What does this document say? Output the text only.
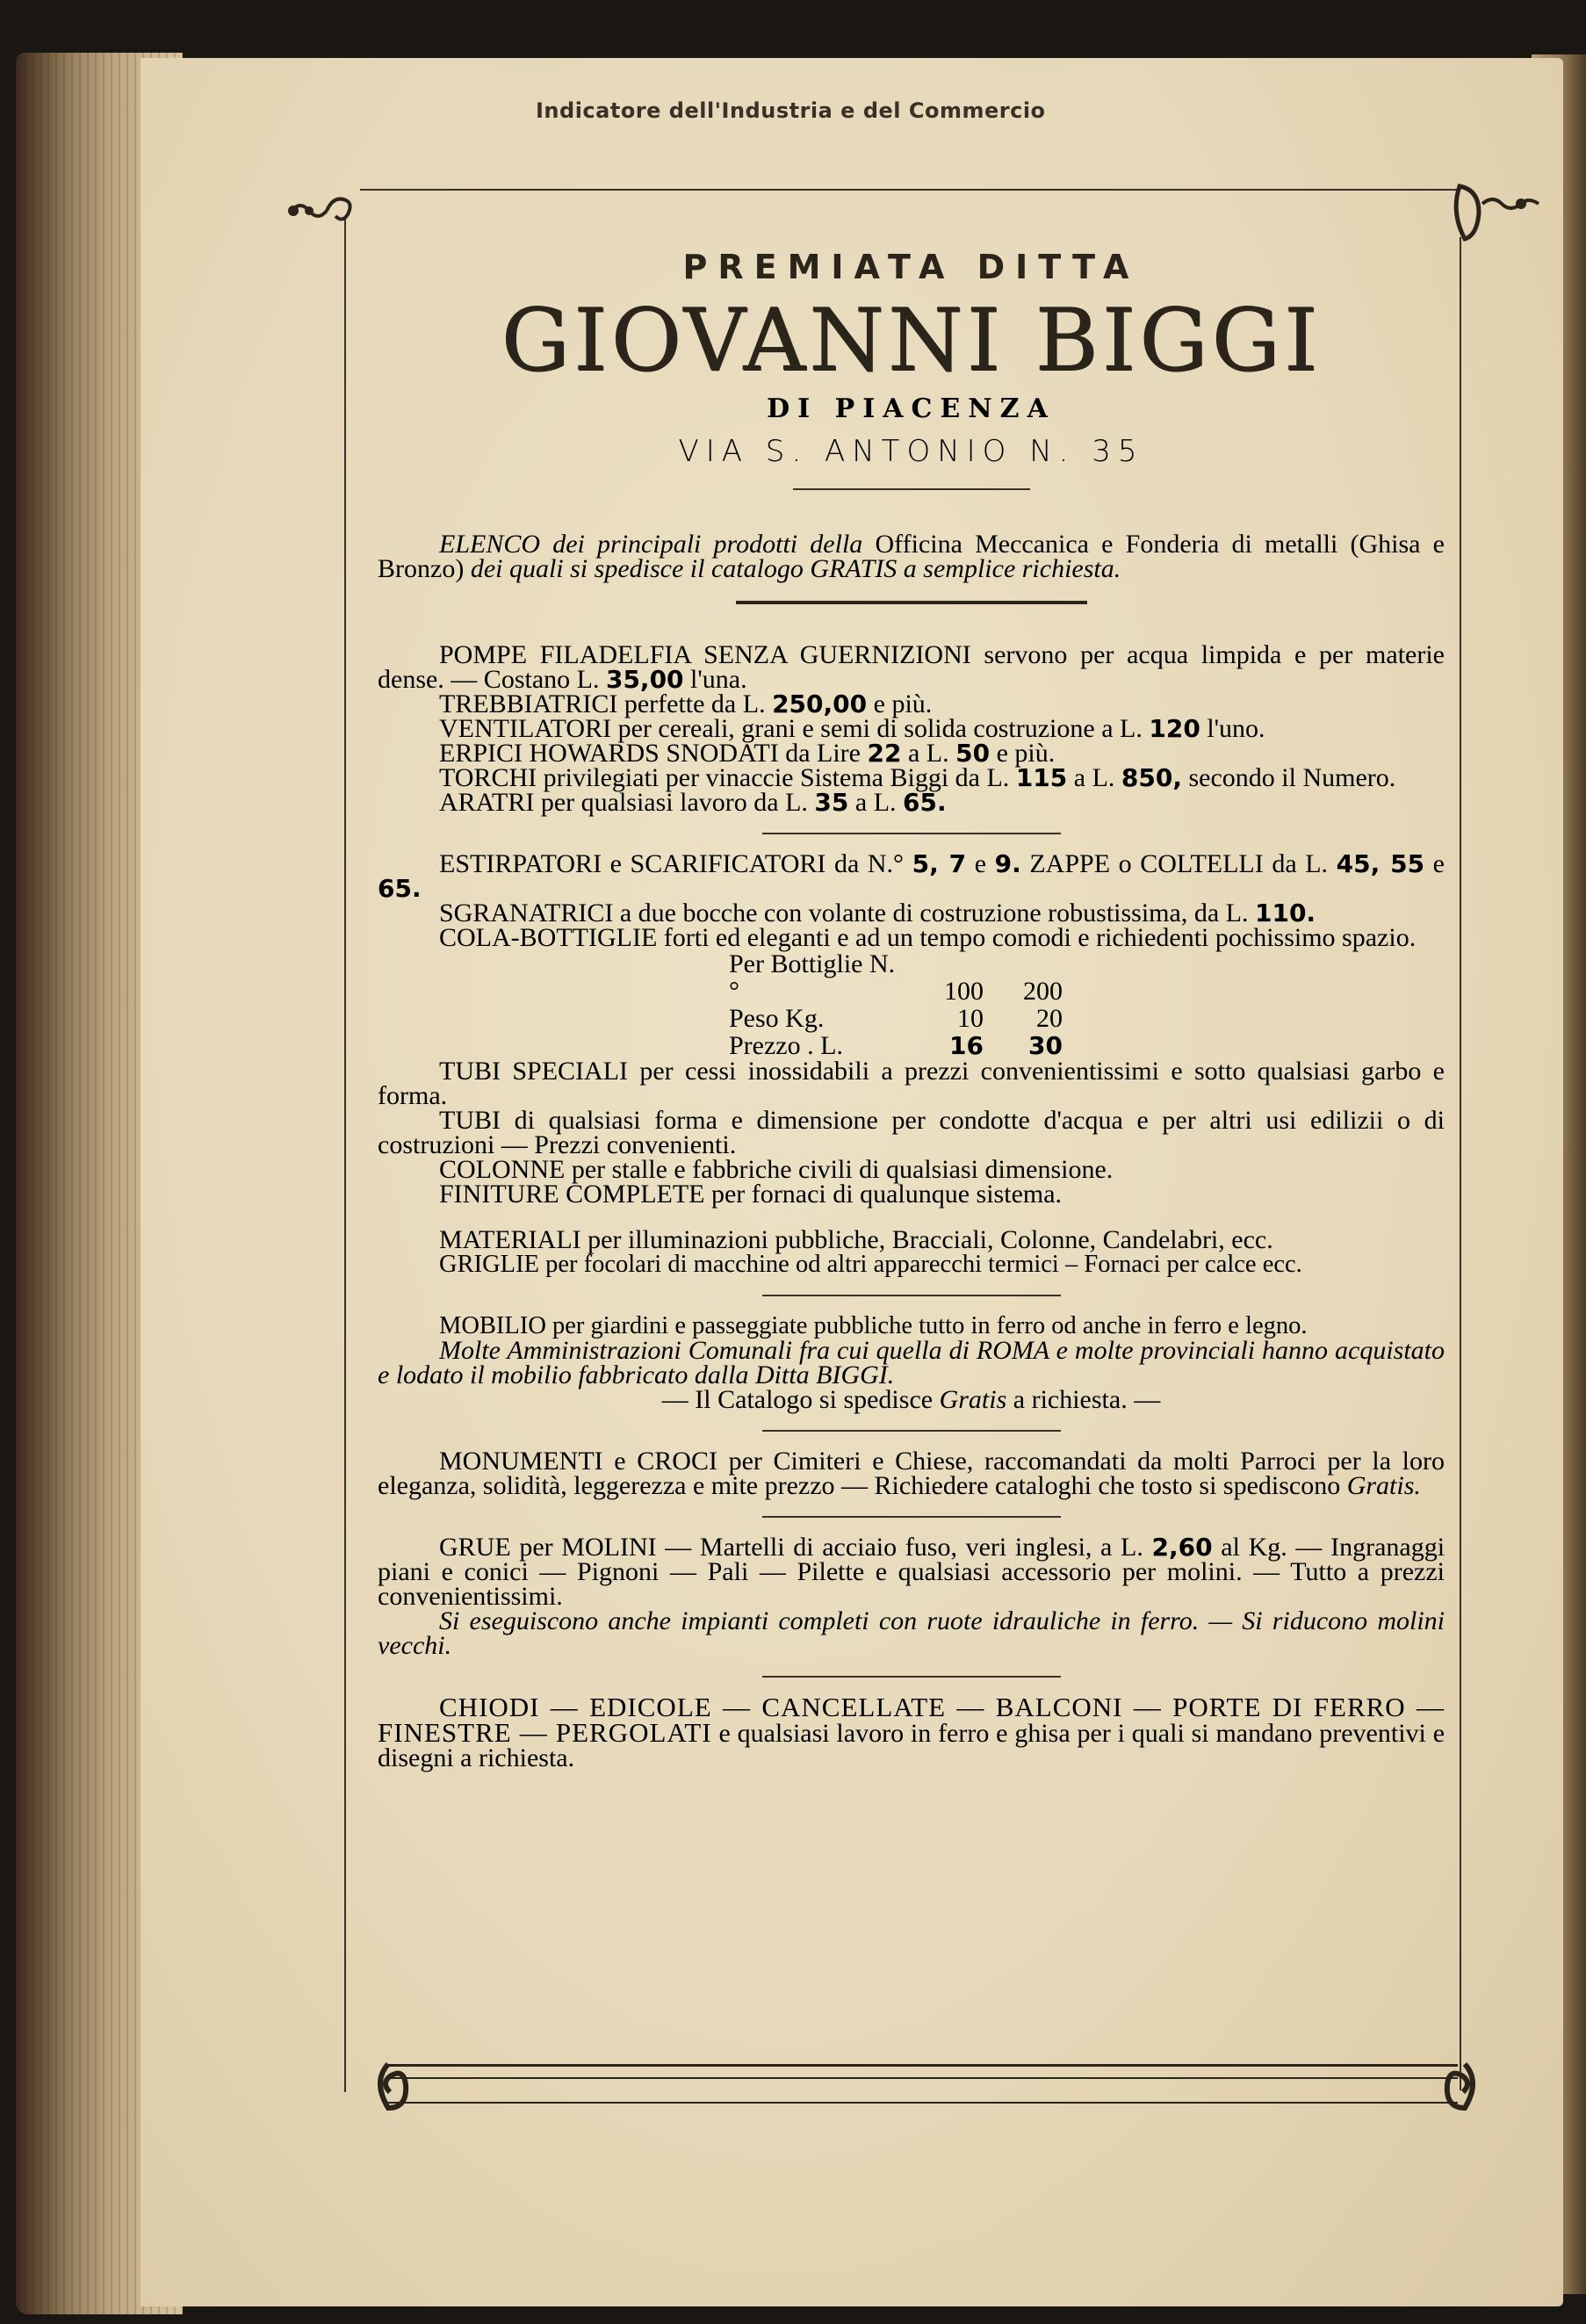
Indicatore dell'Industria e del Commercio
PREMIATA DITTA
GIOVANNI BIGGI
DI PIACENZA
VIA S. ANTONIO N. 35

ELENCO dei principali prodotti della Officina Meccanica e Fonderia di metalli (Ghisa e Bronzo) dei quali si spedisce il catalogo GRATIS a semplice richiesta.

POMPE FILADELFIA SENZA GUERNIZIONI servono per acqua limpida e per materie dense. — Costano L. 35,00 l'una.

TREBBIATRICI perfette da L. 250,00 e più.

VENTILATORI per cereali, grani e semi di solida costruzione a L. 120 l'uno.

ERPICI HOWARDS SNODATI da Lire 22 a L. 50 e più.

TORCHI privilegiati per vinaccie Sistema Biggi da L. 115 a L. 850, secondo il Numero.

ARATRI per qualsiasi lavoro da L. 35 a L. 65.

ESTIRPATORI e SCARIFICATORI da N.° 5, 7 e 9. ZAPPE o COLTELLI da L. 45, 55 e 65.

SGRANATRICI a due bocche con volante di costruzione robustissima, da L. 110.

COLA-BOTTIGLIE forti ed eleganti e ad un tempo comodi e richiedenti pochissimo spazio.

Per Bottiglie N.°	100 200
Peso Kg.	10 20
Prezzo . L.	16 30

TUBI SPECIALI per cessi inossidabili a prezzi convenientissimi e sotto qualsiasi garbo e forma.

TUBI di qualsiasi forma e dimensione per condotte d'acqua e per altri usi edilizii o di costruzioni — Prezzi convenienti.

COLONNE per stalle e fabbriche civili di qualsiasi dimensione.

FINITURE COMPLETE per fornaci di qualunque sistema.

MATERIALI per illuminazioni pubbliche, Bracciali, Colonne, Candelabri, ecc.

GRIGLIE per focolari di macchine od altri apparecchi termici – Fornaci per calce ecc.

MOBILIO per giardini e passeggiate pubbliche tutto in ferro od anche in ferro e legno.

Molte Amministrazioni Comunali fra cui quella di ROMA e molte provinciali hanno acquistato e lodato il mobilio fabbricato dalla Ditta BIGGI.

— Il Catalogo si spedisce Gratis a richiesta. —

MONUMENTI e CROCI per Cimiteri e Chiese, raccomandati da molti Parroci per la loro eleganza, solidità, leggerezza e mite prezzo — Richiedere cataloghi che tosto si spediscono Gratis.

GRUE per MOLINI — Martelli di acciaio fuso, veri inglesi, a L. 2,60 al Kg. — Ingranaggi piani e conici — Pignoni — Pali — Pilette e qualsiasi accessorio per molini. — Tutto a prezzi convenientissimi.

Si eseguiscono anche impianti completi con ruote idrauliche in ferro. — Si riducono molini vecchi.

CHIODI — EDICOLE — CANCELLATE — BALCONI — PORTE DI FERRO — FINESTRE — PERGOLATI e qualsiasi lavoro in ferro e ghisa per i quali si mandano preventivi e disegni a richiesta.
